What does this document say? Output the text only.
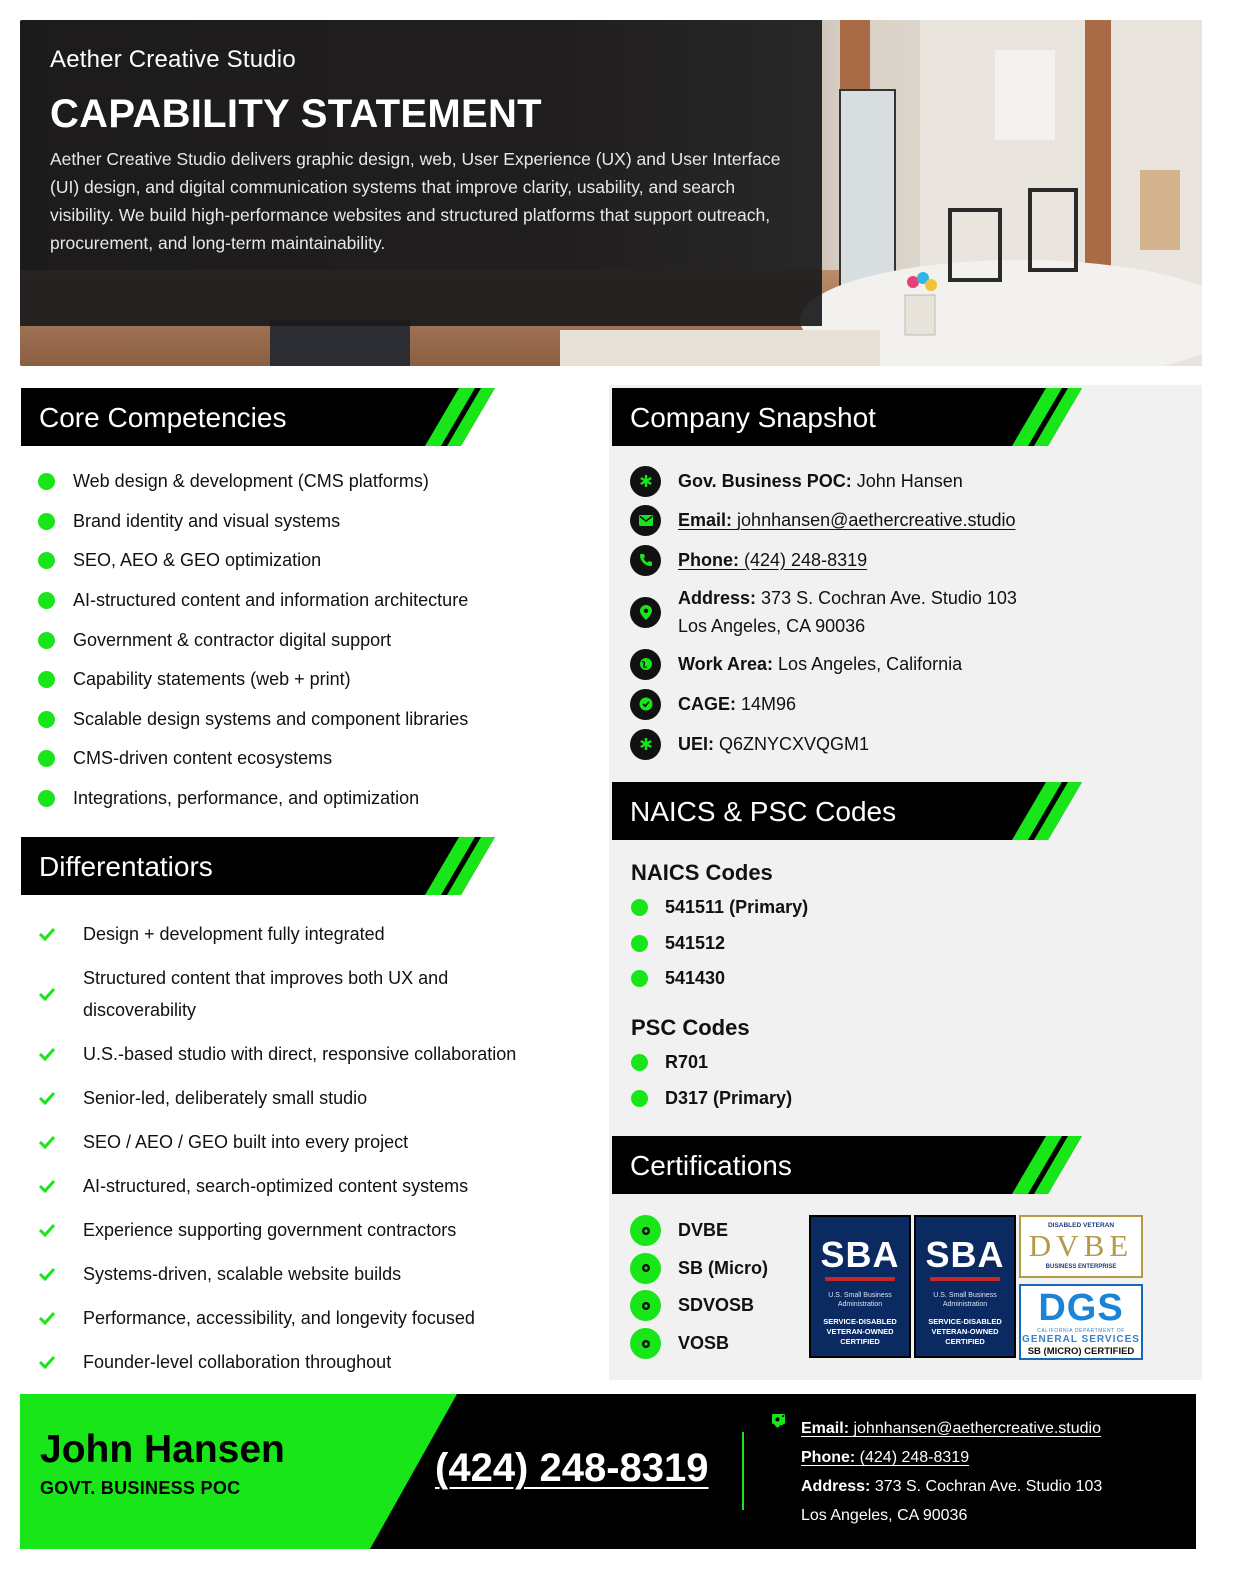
Aether Creative Studio
CAPABILITY STATEMENT
Aether Creative Studio delivers graphic design, web, User Experience (UX) and User Interface (UI) design, and digital communication systems that improve clarity, usability, and search visibility. We build high-performance websites and structured platforms that support outreach, procurement, and long-term maintainability.
Core Competencies
Web design & development (CMS platforms)
Brand identity and visual systems
SEO, AEO & GEO optimization
AI-structured content and information architecture
Government & contractor digital support
Capability statements (web + print)
Scalable design systems and component libraries
CMS-driven content ecosystems
Integrations, performance, and optimization
Differentatiors
Design + development fully integrated
Structured content that improves both UX and discoverability
U.S.-based studio with direct, responsive collaboration
Senior-led, deliberately small studio
SEO / AEO / GEO built into every project
AI-structured, search-optimized content systems
Experience supporting government contractors
Systems-driven, scalable website builds
Performance, accessibility, and longevity focused
Founder-level collaboration throughout
Company Snapshot
Gov. Business POC: John Hansen
Email: johnhansen@aethercreative.studio
Phone: (424) 248-8319
Address: 373 S. Cochran Ave. Studio 103
Los Angeles, CA 90036
Work Area: Los Angeles, California
CAGE: 14M96
UEI: Q6ZNYCXVQGM1
NAICS & PSC Codes
NAICS Codes
541511 (Primary)
541512
541430
PSC Codes
R701
D317 (Primary)
Certifications
DVBE
SB (Micro)
SDVOSB
VOSB
SBA
U.S. Small Business Administration
SERVICE-DISABLED VETERAN-OWNED CERTIFIED
SBA
U.S. Small Business Administration
SERVICE-DISABLED VETERAN-OWNED CERTIFIED
DISABLED VETERAN
DVBE
BUSINESS ENTERPRISE
DGS
CALIFORNIA DEPARTMENT OF
GENERAL SERVICES
SB (MICRO) CERTIFIED
John Hansen
GOVT. BUSINESS POC	(424) 248-8319
Email: johnhansen@aethercreative.studio
Phone: (424) 248-8319
Address: 373 S. Cochran Ave. Studio 103
Los Angeles, CA 90036
